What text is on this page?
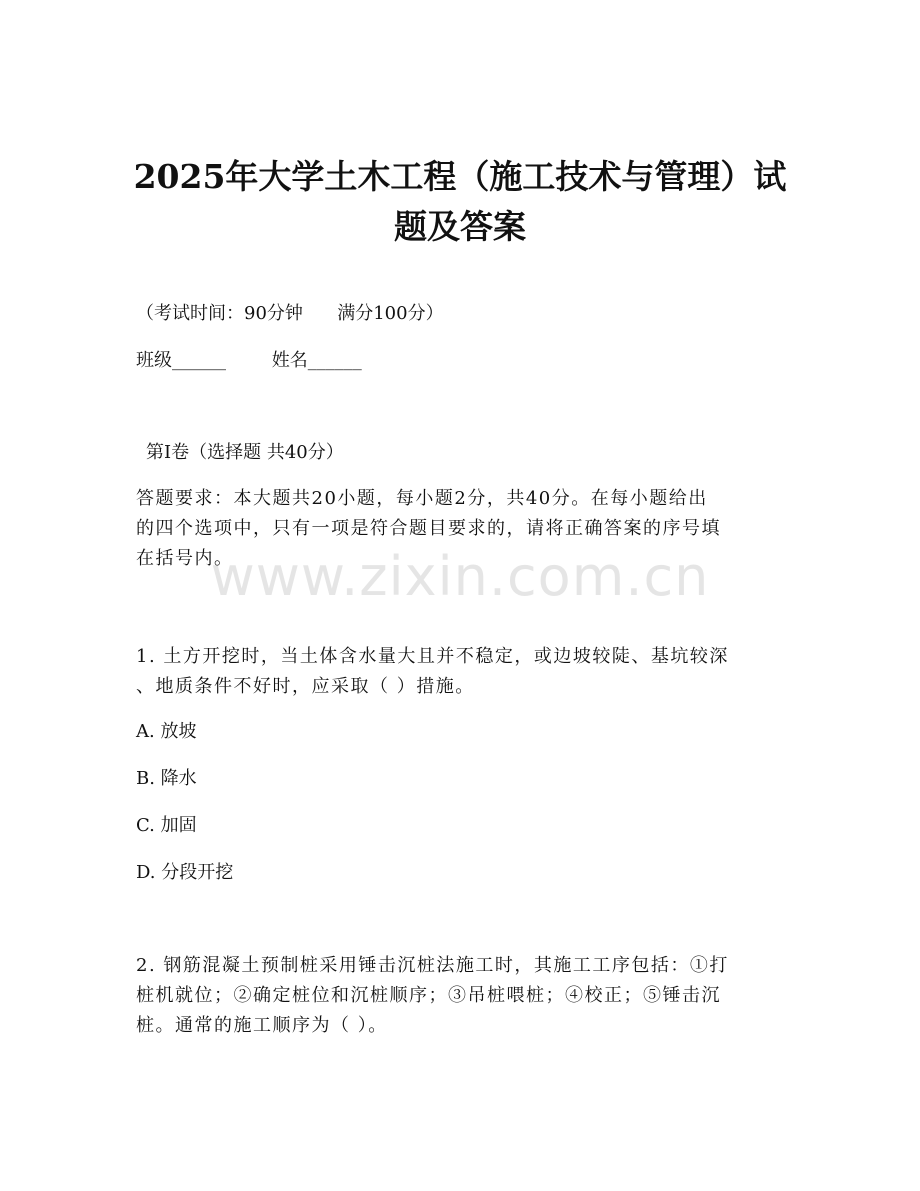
2025年大学土木工程（施工技术与管理）试
题及答案
（考试时间：90分钟      满分100分）
班级______        姓名______
第Ⅰ卷（选择题 共40分）
答题要求：本大题共20小题，每小题2分，共40分。在每小题给出
的四个选项中，只有一项是符合题目要求的，请将正确答案的序号填
在括号内。
1. 土方开挖时，当土体含水量大且并不稳定，或边坡较陡、基坑较深
、地质条件不好时，应采取（ ）措施。
A. 放坡
B. 降水
C. 加固
D. 分段开挖
2. 钢筋混凝土预制桩采用锤击沉桩法施工时，其施工工序包括：①打
桩机就位；②确定桩位和沉桩顺序；③吊桩喂桩；④校正；⑤锤击沉
桩。通常的施工顺序为（ ）。
www.zixin.com.cn
